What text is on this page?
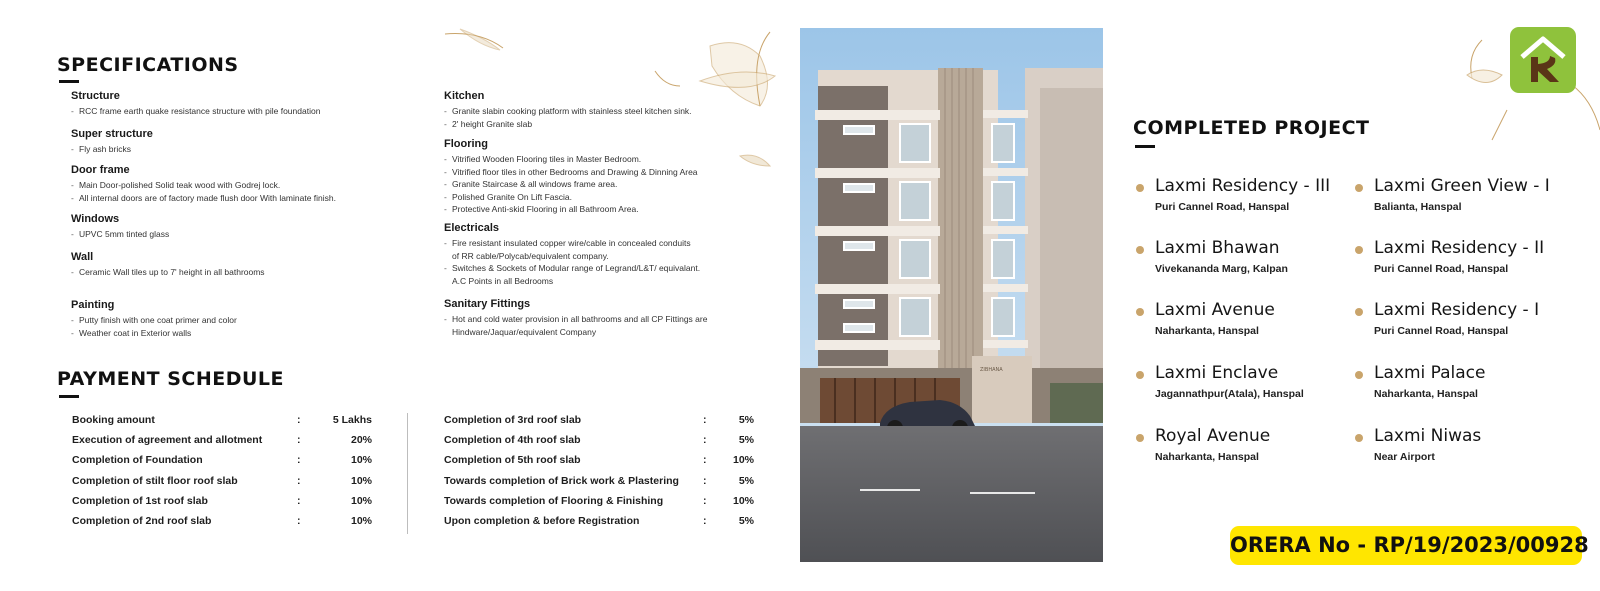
SPECIFICATIONS
Structure
- RCC frame earth quake resistance structure with pile foundation
Super structure
- Fly ash bricks
Door frame
- Main Door-polished Solid teak wood with Godrej lock.
- All internal doors are of factory made flush door With laminate finish.
Windows
- UPVC 5mm tinted glass
Wall
- Ceramic Wall tiles up to 7' height in all bathrooms
Painting
- Putty finish with one coat primer and color
- Weather coat in Exterior walls
Kitchen
- Granite slabin cooking platform with stainless steel kitchen sink.
- 2' height Granite slab
Flooring
- Vitrified Wooden Flooring tiles in Master Bedroom.
- Vitrified floor tiles in other Bedrooms and Drawing & Dinning Area
- Granite Staircase & all windows frame area.
- Polished Granite On Lift Fascia.
- Protective Anti-skid Flooring in all Bathroom Area.
Electricals
- Fire resistant insulated copper wire/cable in concealed conduits
of RR cable/Polycab/equivalent company.
- Switches & Sockets of Modular range of Legrand/L&T/ equivalant.
A.C Points in all Bedrooms
Sanitary Fittings
- Hot and cold water provision in all bathrooms and all CP Fittings are
Hindware/Jaquar/equivalent Company
PAYMENT SCHEDULE
Booking amount	:	5 Lakhs
Execution of agreement and allotment	:	20%
Completion of Foundation	:	10%
Completion of stilt floor roof slab	:	10%
Completion of 1st roof slab	:	10%
Completion of 2nd roof slab	:	10%
Completion of 3rd roof slab	:	5%
Completion of 4th roof slab	:	5%
Completion of 5th roof slab	:	10%
Towards completion of Brick work & Plastering :	5%
Towards completion of Flooring & Finishing	:	10%
Upon completion & before Registration	:	5%
ZIBHANA
COMPLETED PROJECT
Laxmi Residency - III
Puri Cannel Road, Hanspal
Laxmi Green View - I
Balianta, Hanspal
Laxmi Bhawan
Vivekananda Marg, Kalpan
Laxmi Residency - II
Puri Cannel Road, Hanspal
Laxmi Avenue
Naharkanta, Hanspal
Laxmi Residency - I
Puri Cannel Road, Hanspal
Laxmi Enclave
Jagannathpur(Atala), Hanspal
Laxmi Palace
Naharkanta, Hanspal
Royal Avenue
Naharkanta, Hanspal
Laxmi Niwas
Near Airport
ORERA No - RP/19/2023/00928
